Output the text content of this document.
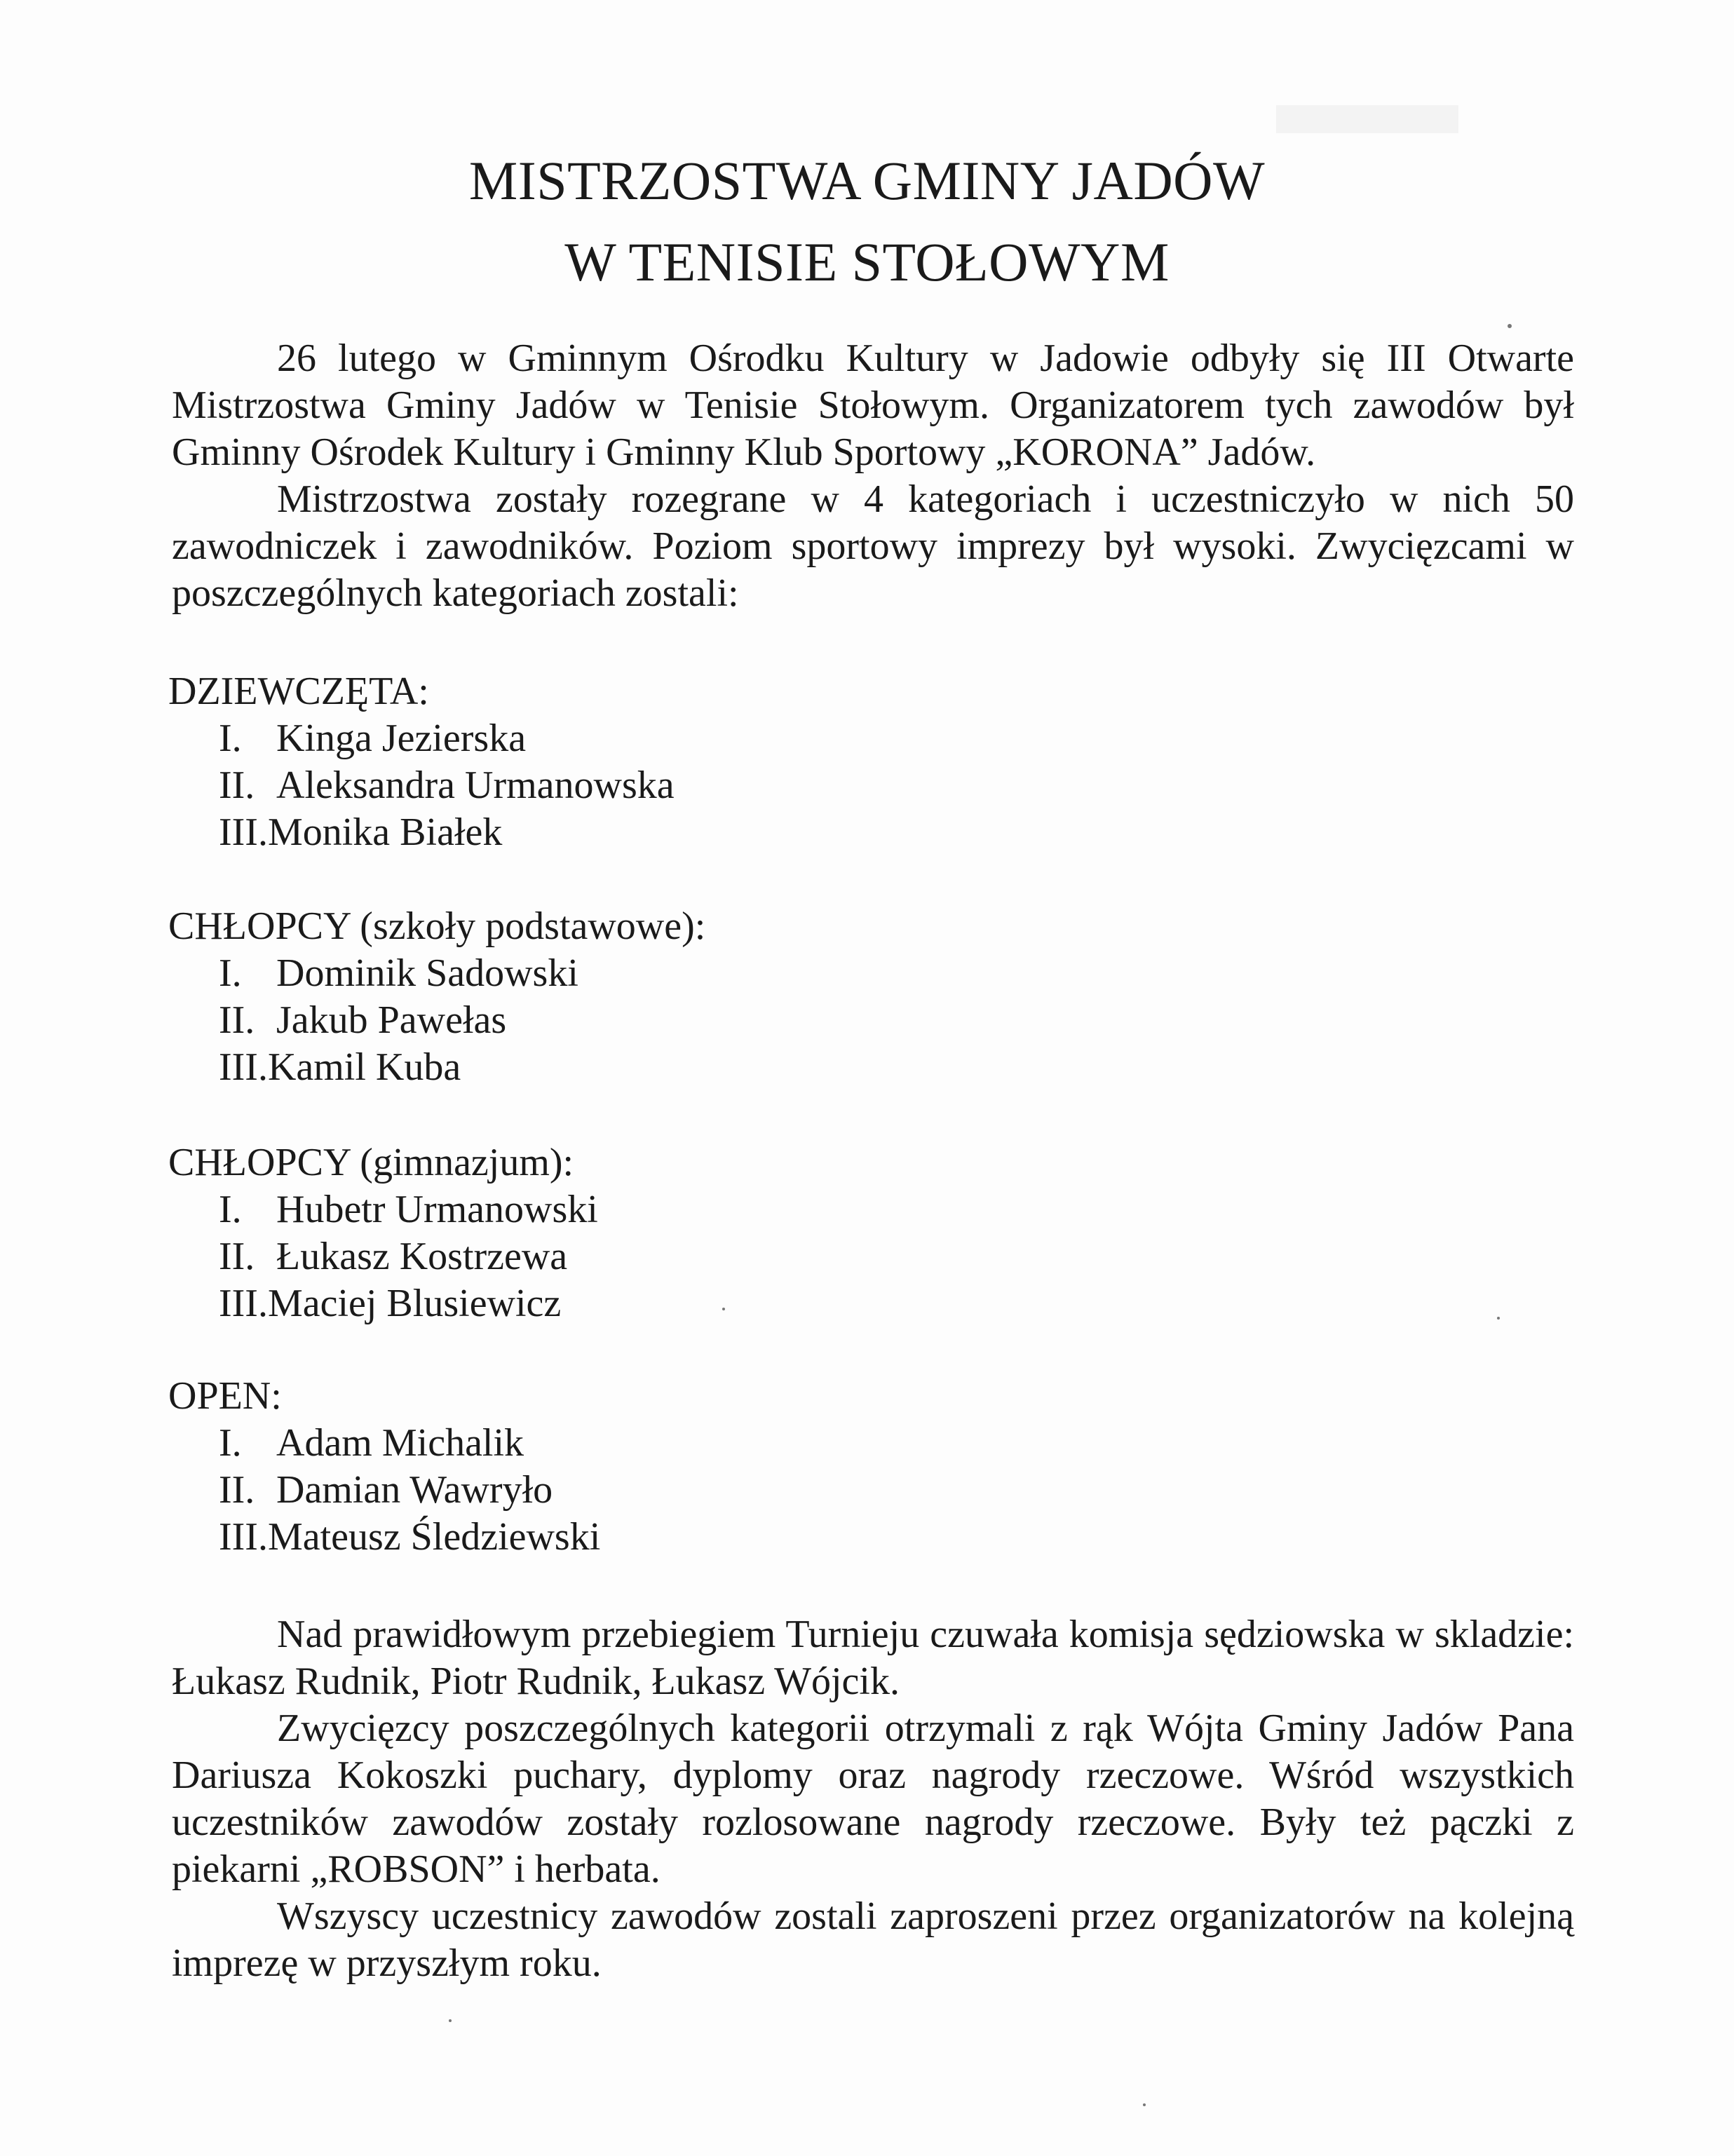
MISTRZOSTWA GMINY JADÓW
W TENISIE STOŁOWYM

26 lutego w Gminnym Ośrodku Kultury w Jadowie odbyły się III Otwarte Mistrzostwa Gminy Jadów w Tenisie Stołowym. Organizatorem tych zawodów był Gminny Ośrodek Kultury i Gminny Klub Sportowy „KORONA” Jadów.

Mistrzostwa zostały rozegrane w 4 kategoriach i uczestniczyło w nich 50 zawodniczek i zawodników. Poziom sportowy imprezy był wysoki. Zwycięzcami w poszczególnych kategoriach zostali:

DZIEWCZĘTA:
I. Kinga Jezierska
II. Aleksandra Urmanowska
III.Monika Białek
CHŁOPCY (szkoły podstawowe):
I. Dominik Sadowski
II. Jakub Pawełas
III.Kamil Kuba
CHŁOPCY (gimnazjum):
I. Hubetr Urmanowski
II. Łukasz Kostrzewa
III.Maciej Blusiewicz
OPEN:
I. Adam Michalik
II. Damian Wawryło
III.Mateusz Śledziewski

Nad prawidłowym przebiegiem Turnieju czuwała komisja sędziowska w skladzie: Łukasz Rudnik, Piotr Rudnik, Łukasz Wójcik.

Zwycięzcy poszczególnych kategorii otrzymali z rąk Wójta Gminy Jadów Pana Dariusza Kokoszki puchary, dyplomy oraz nagrody rzeczowe. Wśród wszystkich uczestników zawodów zostały rozlosowane nagrody rzeczowe. Były też pączki z piekarni „ROBSON” i herbata.

Wszyscy uczestnicy zawodów zostali zaproszeni przez organizatorów na kolejną imprezę w przyszłym roku.
